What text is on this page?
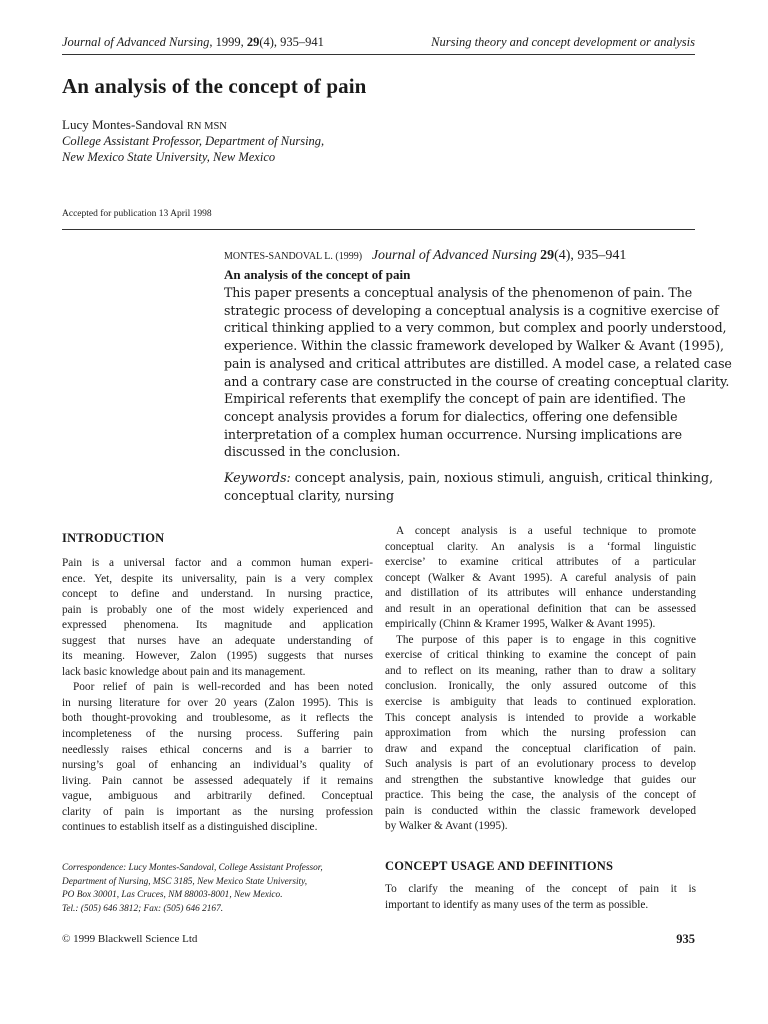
Journal of Advanced Nursing, 1999, 29(4), 935–941	Nursing theory and concept development or analysis
An analysis of the concept of pain
Lucy Montes-Sandoval RN MSN
College Assistant Professor, Department of Nursing,
New Mexico State University, New Mexico
Accepted for publication 13 April 1998
MONTES-SANDOVAL L. (1999) Journal of Advanced Nursing 29(4), 935–941
An analysis of the concept of pain
This paper presents a conceptual analysis of the phenomenon of pain. The
strategic process of developing a conceptual analysis is a cognitive exercise of
critical thinking applied to a very common, but complex and poorly understood,
experience. Within the classic framework developed by Walker & Avant (1995),
pain is analysed and critical attributes are distilled. A model case, a related case
and a contrary case are constructed in the course of creating conceptual clarity.
Empirical referents that exemplify the concept of pain are identified. The
concept analysis provides a forum for dialectics, offering one defensible
interpretation of a complex human occurrence. Nursing implications are
discussed in the conclusion.
Keywords: concept analysis, pain, noxious stimuli, anguish, critical thinking,
conceptual clarity, nursing
INTRODUCTION
Pain is a universal factor and a common human experi-
ence. Yet, despite its universality, pain is a very complex
concept to define and understand. In nursing practice,
pain is probably one of the most widely experienced and
expressed phenomena. Its magnitude and application
suggest that nurses have an adequate understanding of
its meaning. However, Zalon (1995) suggests that nurses
lack basic knowledge about pain and its management.
Poor relief of pain is well-recorded and has been noted
in nursing literature for over 20 years (Zalon 1995). This is
both thought-provoking and troublesome, as it reflects the
incompleteness of the nursing process. Suffering pain
needlessly raises ethical concerns and is a barrier to
nursing’s goal of enhancing an individual’s quality of
living. Pain cannot be assessed adequately if it remains
vague, ambiguous and arbitrarily defined. Conceptual
clarity of pain is important as the nursing profession
continues to establish itself as a distinguished discipline.
A concept analysis is a useful technique to promote
conceptual clarity. An analysis is a ‘formal linguistic
exercise’ to examine critical attributes of a particular
concept (Walker & Avant 1995). A careful analysis of pain
and distillation of its attributes will enhance understanding
and result in an operational definition that can be assessed
empirically (Chinn & Kramer 1995, Walker & Avant 1995).
The purpose of this paper is to engage in this cognitive
exercise of critical thinking to examine the concept of pain
and to reflect on its meaning, rather than to draw a solitary
conclusion. Ironically, the only assured outcome of this
exercise is ambiguity that leads to continued exploration.
This concept analysis is intended to provide a workable
approximation from which the nursing profession can
draw and expand the conceptual clarification of pain.
Such analysis is part of an evolutionary process to develop
and strengthen the substantive knowledge that guides our
practice. This being the case, the analysis of the concept of
pain is conducted within the classic framework developed
by Walker & Avant (1995).
CONCEPT USAGE AND DEFINITIONS
To clarify the meaning of the concept of pain it is
important to identify as many uses of the term as possible.
Correspondence: Lucy Montes-Sandoval, College Assistant Professor,
Department of Nursing, MSC 3185, New Mexico State University,
PO Box 30001, Las Cruces, NM 88003-8001, New Mexico.
Tel.: (505) 646 3812; Fax: (505) 646 2167.
© 1999 Blackwell Science Ltd	935
